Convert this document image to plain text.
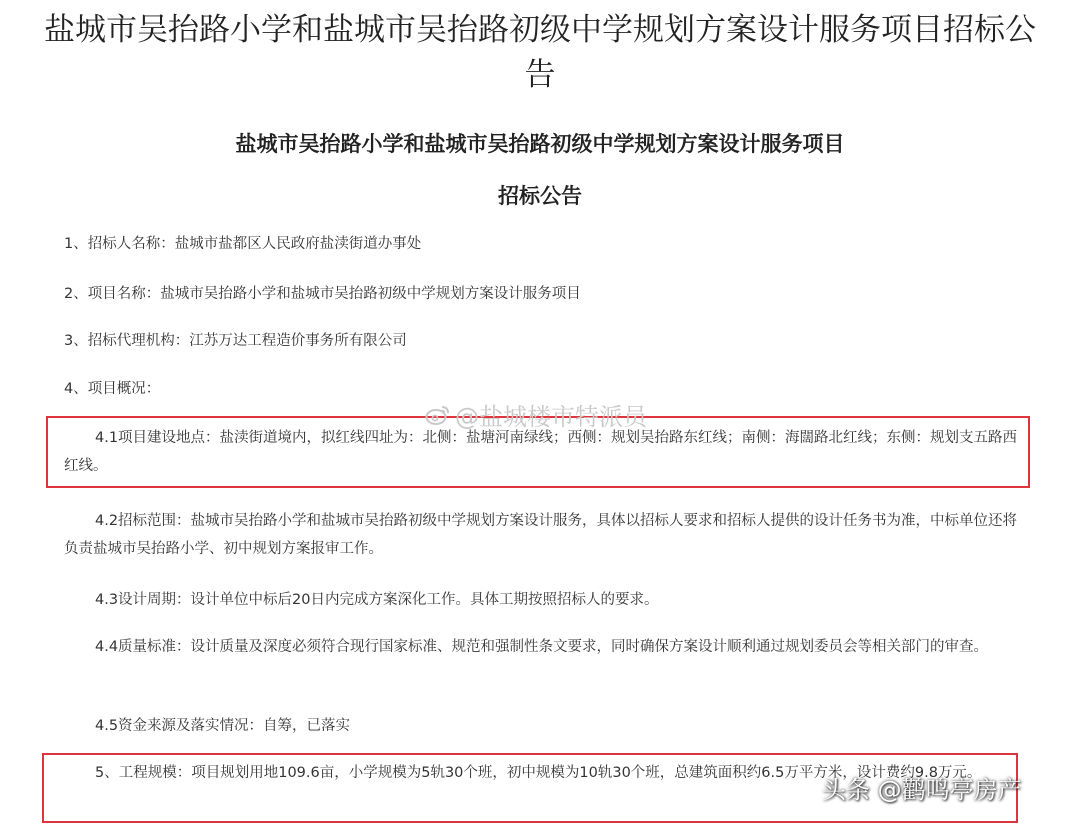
盐城市吴抬路小学和盐城市吴抬路初级中学规划方案设计服务项目招标公告
盐城市吴抬路小学和盐城市吴抬路初级中学规划方案设计服务项目
招标公告

1、招标人名称：盐城市盐都区人民政府盐渎街道办事处

2、项目名称：盐城市吴抬路小学和盐城市吴抬路初级中学规划方案设计服务项目

3、招标代理机构：江苏万达工程造价事务所有限公司

4、项目概况：

4.1项目建设地点：盐渎街道境内，拟红线四址为：北侧：盐塘河南绿线；西侧：规划吴抬路东红线；南侧：海闊路北红线；东侧：规划支五路西红线。

4.2招标范围：盐城市吴抬路小学和盐城市吴抬路初级中学规划方案设计服务，具体以招标人要求和招标人提供的设计任务书为准，中标单位还将负责盐城市吴抬路小学、初中规划方案报审工作。

4.3设计周期：设计单位中标后20日内完成方案深化工作。具体工期按照招标人的要求。

4.4质量标准：设计质量及深度必须符合现行国家标准、规范和强制性条文要求，同时确保方案设计顺利通过规划委员会等相关部门的审查。

4.5资金来源及落实情况：自筹，已落实

5、工程规模：项目规划用地109.6亩，小学规模为5轨30个班，初中规模为10轨30个班，总建筑面积约6.5万平方米，设计费约9.8万元。

@盐城楼市特派员
头条 @鹳鸣亭房产
